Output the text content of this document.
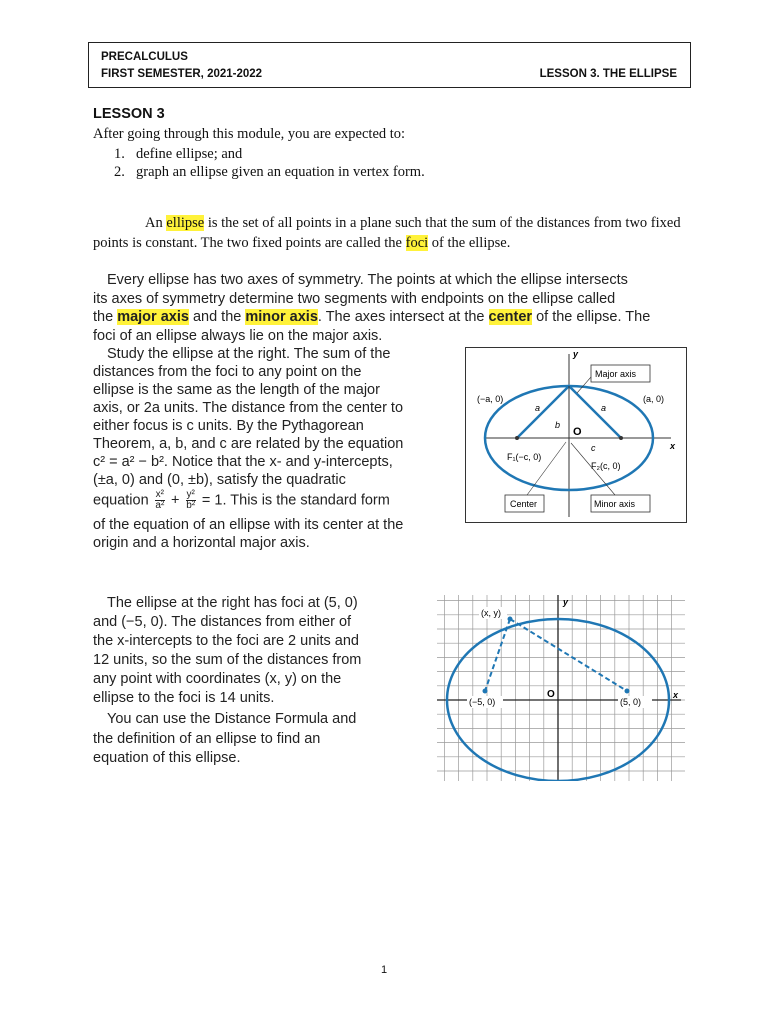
PRECALCULUS
FIRST SEMESTER, 2021-2022	LESSON 3. THE ELLIPSE
LESSON 3
After going through this module, you are expected to:
1. define ellipse; and
2. graph an ellipse given an equation in vertex form.
An ellipse is the set of all points in a plane such that the sum of the distances from two fixed points is constant. The two fixed points are called the foci of the ellipse.
Every ellipse has two axes of symmetry. The points at which the ellipse intersects
its axes of symmetry determine two segments with endpoints on the ellipse called
the major axis and the minor axis. The axes intersect at the center of the ellipse. The
foci of an ellipse always lie on the major axis.
Study the ellipse at the right. The sum of the
distances from the foci to any point on the
ellipse is the same as the length of the major
axis, or 2a units. The distance from the center to
either focus is c units. By the Pythagorean
Theorem, a, b, and c are related by the equation
c² = a² − b². Notice that the x- and y-intercepts,
(±a, 0) and (0, ±b), satisfy the quadratic
equation $\frac{\text{x²}}{\text{a²}} + \frac{\text{y²}}{\text{b²}} = 1$. This is the standard form
of the equation of an ellipse with its center at the
origin and a horizontal major axis.
x
y
O
a	a
b
c
(−a, 0)	(a, 0)
F₁(−c, 0)
F₂(c, 0)
Major axis
Center	Minor axis
The ellipse at the right has foci at (5, 0)
and (−5, 0). The distances from either of
the x-intercepts to the foci are 2 units and
12 units, so the sum of the distances from
any point with coordinates (x, y) on the
ellipse to the foci is 14 units.
You can use the Distance Formula and
the definition of an ellipse to find an
equation of this ellipse.
x
y
(x, y)
(−5, 0)	(5, 0)
O
1
